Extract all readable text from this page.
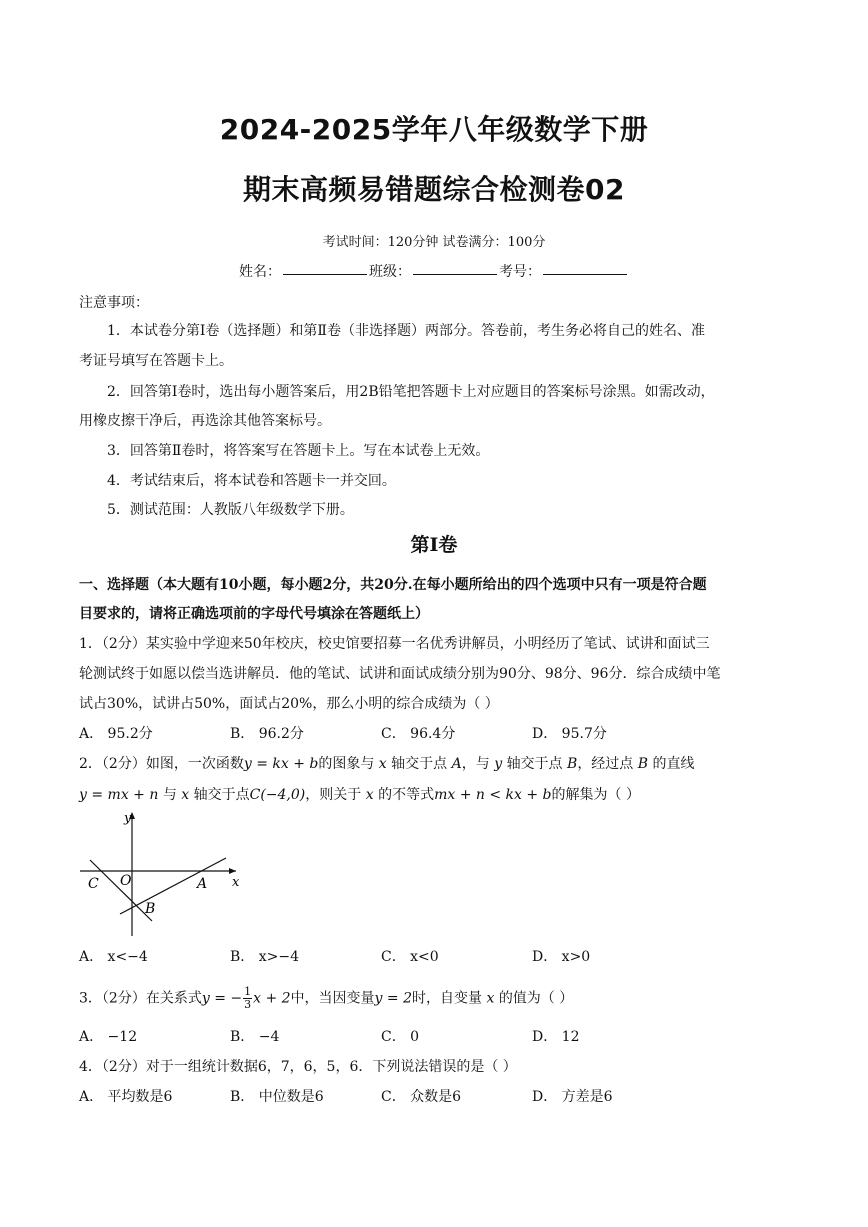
2024-2025学年八年级数学下册
期末高频易错题综合检测卷02
考试时间：120分钟 试卷满分：100分
姓名：	班级：	考号：
注意事项：
1．本试卷分第Ⅰ卷（选择题）和第Ⅱ卷（非选择题）两部分。答卷前，考生务必将自己的姓名、准
考证号填写在答题卡上。
2．回答第Ⅰ卷时，选出每小题答案后，用2B铅笔把答题卡上对应题目的答案标号涂黑。如需改动，
用橡皮擦干净后，再选涂其他答案标号。
3．回答第Ⅱ卷时，将答案写在答题卡上。写在本试卷上无效。
4．考试结束后，将本试卷和答题卡一并交回。
5．测试范围：人教版八年级数学下册。
第Ⅰ卷
一、选择题（本大题有10小题，每小题2分，共20分.在每小题所给出的四个选项中只有一项是符合题
目要求的，请将正确选项前的字母代号填涂在答题纸上）
1．（2分）某实验中学迎来50年校庆，校史馆要招募一名优秀讲解员，小明经历了笔试、试讲和面试三
轮测试终于如愿以偿当选讲解员．他的笔试、试讲和面试成绩分别为90分、98分、96分．综合成绩中笔
试占30%，试讲占50%，面试占20%，那么小明的综合成绩为（ ）
A． 95.2分	B． 96.2分	C． 96.4分	D． 95.7分
2．（2分）如图，一次函数y = kx + b的图象与 x 轴交于点 A，与 y 轴交于点 B，经过点 B 的直线
y = mx + n 与 x 轴交于点C(−4,0)，则关于 x 的不等式mx + n < kx + b的解集为（ ）
y
x
C O	A
B
A． x<−4	B． x>−4	C． x<0	D． x>0
3．（2分）在关系式y = − $\frac{1}{3}$ x + 2中，当因变量y = 2时，自变量 x 的值为（ ）
A． −12	B． −4	C． 0	D． 12
4．（2分）对于一组统计数据6，7，6，5，6．下列说法错误的是（ ）
A． 平均数是6	B． 中位数是6	C． 众数是6	D． 方差是6
